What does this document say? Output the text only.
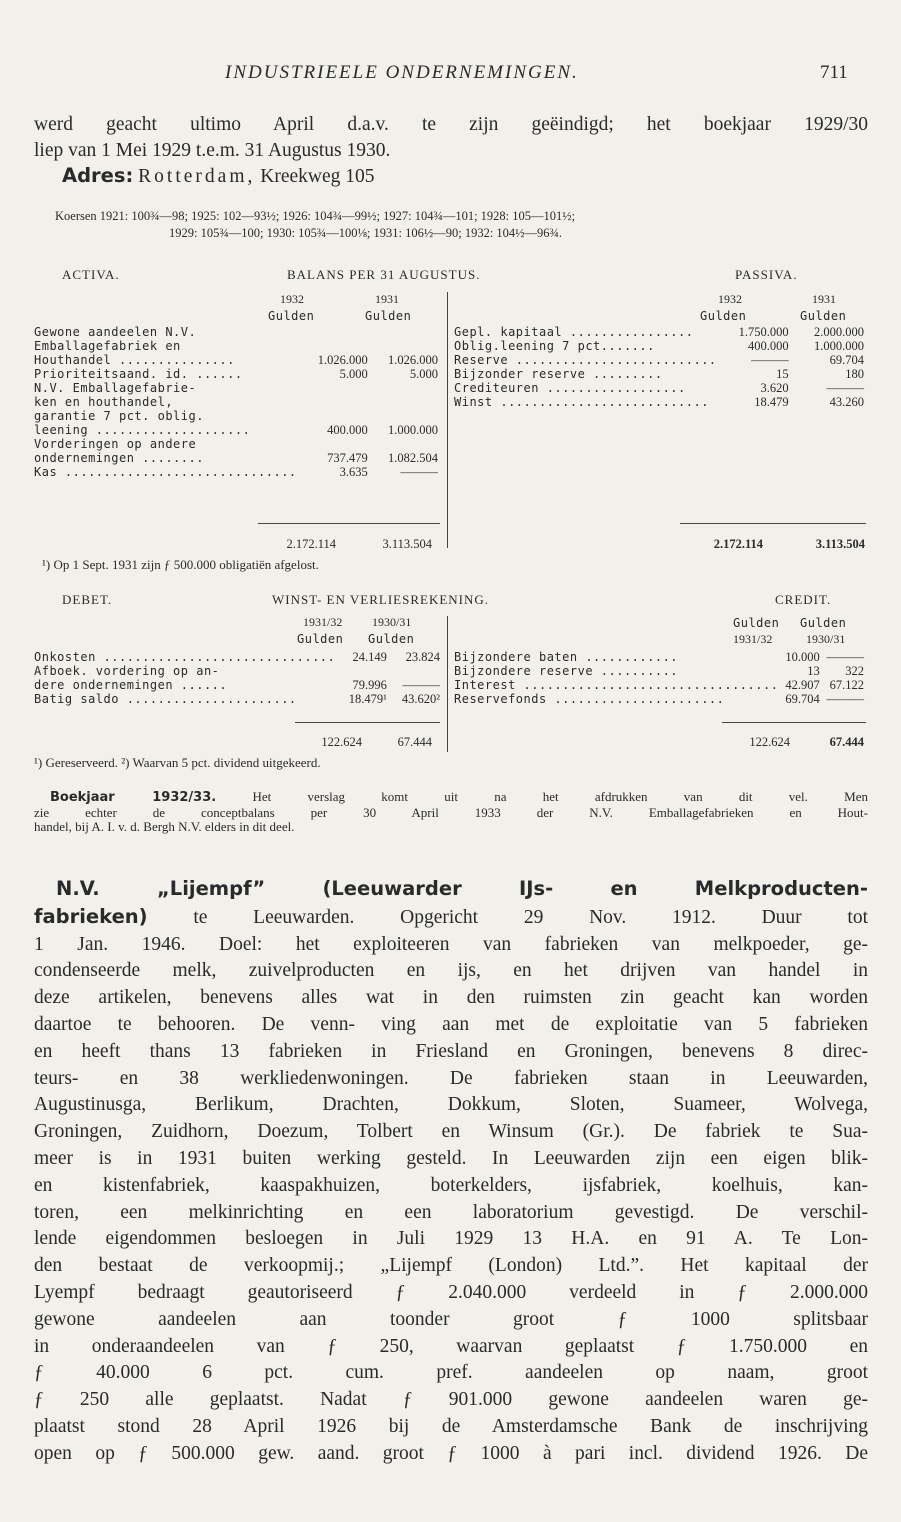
INDUSTRIEELE ONDERNEMINGEN.	711
werd geacht ultimo April d.a.v. te zijn geëindigd; het boekjaar 1929/30
liep van 1 Mei 1929 t.e.m. 31 Augustus 1930.
Adres: Rotterdam, Kreekweg 105
Koersen 1921: 100¾—98; 1925: 102—93½; 1926: 104¾—99½; 1927: 104¾—101; 1928: 105—101½;
1929: 105¾—100; 1930: 105¾—100⅛; 1931: 106½—90; 1932: 104½—96¾.
ACTIVA.	BALANS PER 31 AUGUSTUS.	PASSIVA.
1932	1931
Gulden	Gulden
1932	1931
Gulden	Gulden
Gewone aandeelen N.V.		
Emballagefabriek en		
Houthandel ...............	1.026.000	1.026.000
Prioriteitsaand. id. ......	5.000	5.000
N.V. Emballagefabrie-		
ken en houthandel,		
garantie 7 pct. oblig.		
leening ....................	400.000	1.000.000
Vorderingen op andere		
ondernemingen ........	737.479	1.082.504
Kas ..............................	3.635	———
Gepl. kapitaal ................	1.750.000	2.000.000
Oblig.leening 7 pct.......	400.000	1.000.000
Reserve ..........................	———	69.704
Bijzonder reserve .........	15	180
Crediteuren ..................	3.620	———
Winst ...........................	18.479	43.260
2.172.114	3.113.504	2.172.114	3.113.504
¹) Op 1 Sept. 1931 zijn ƒ 500.000 obligatiën afgelost.
DEBET.	WINST- EN VERLIESREKENING.	CREDIT.
1931/32 1930/31
Gulden Gulden
Gulden Gulden
1931/32	1930/31
Onkosten ..............................	24.149	23.824
Afboek. vordering op an-		
dere ondernemingen ......	79.996	———
Batig saldo ......................	18.479¹	43.620²
Bijzondere baten ............	10.000	———
Bijzondere reserve ..........	13	322
Interest .................................	42.907	67.122
Reservefonds ......................	69.704	———
122.624	67.444	122.624	67.444
¹) Gereserveerd. ²) Waarvan 5 pct. dividend uitgekeerd.
Boekjaar 1932/33.	Het verslag komt uit na het afdrukken van dit vel. Men
zie echter de conceptbalans per 30 April 1933 der N.V. Emballagefabrieken en Hout-
handel, bij A. I. v. d. Bergh N.V. elders in dit deel.
N.V. „Lijempf” (Leeuwarder IJs- en Melkproducten-
fabrieken) te Leeuwarden. Opgericht 29 Nov. 1912. Duur tot
1 Jan. 1946. Doel: het exploiteeren van fabrieken van melkpoeder, ge-
condenseerde melk, zuivelproducten en ijs, en het drijven van handel in
deze artikelen, benevens alles wat in den ruimsten zin geacht kan worden
daartoe te behooren. De venn- ving aan met de exploitatie van 5 fabrieken
en heeft thans 13 fabrieken in Friesland en Groningen, benevens 8 direc-
teurs- en 38 werkliedenwoningen. De fabrieken staan in Leeuwarden,
Augustinusga, Berlikum, Drachten, Dokkum, Sloten, Suameer, Wolvega,
Groningen, Zuidhorn, Doezum, Tolbert en Winsum (Gr.). De fabriek te Sua-
meer is in 1931 buiten werking gesteld. In Leeuwarden zijn een eigen blik-
en kistenfabriek, kaaspakhuizen, boterkelders, ijsfabriek, koelhuis, kan-
toren, een melkinrichting en een laboratorium gevestigd. De verschil-
lende eigendommen besloegen in Juli 1929 13 H.A. en 91 A. Te Lon-
den bestaat de verkoopmij.; „Lijempf (London) Ltd.”. Het kapitaal der
Lyempf bedraagt geautoriseerd ƒ 2.040.000 verdeeld in ƒ 2.000.000
gewone aandeelen aan toonder groot ƒ 1000 splitsbaar
in onderaandeelen van ƒ 250, waarvan geplaatst ƒ 1.750.000 en
ƒ 40.000 6 pct. cum. pref. aandeelen op naam, groot
ƒ 250 alle geplaatst. Nadat ƒ 901.000 gewone aandeelen waren ge-
plaatst stond 28 April 1926 bij de Amsterdamsche Bank de inschrijving
open op ƒ 500.000 gew. aand. groot ƒ 1000 à pari incl. dividend 1926. De
